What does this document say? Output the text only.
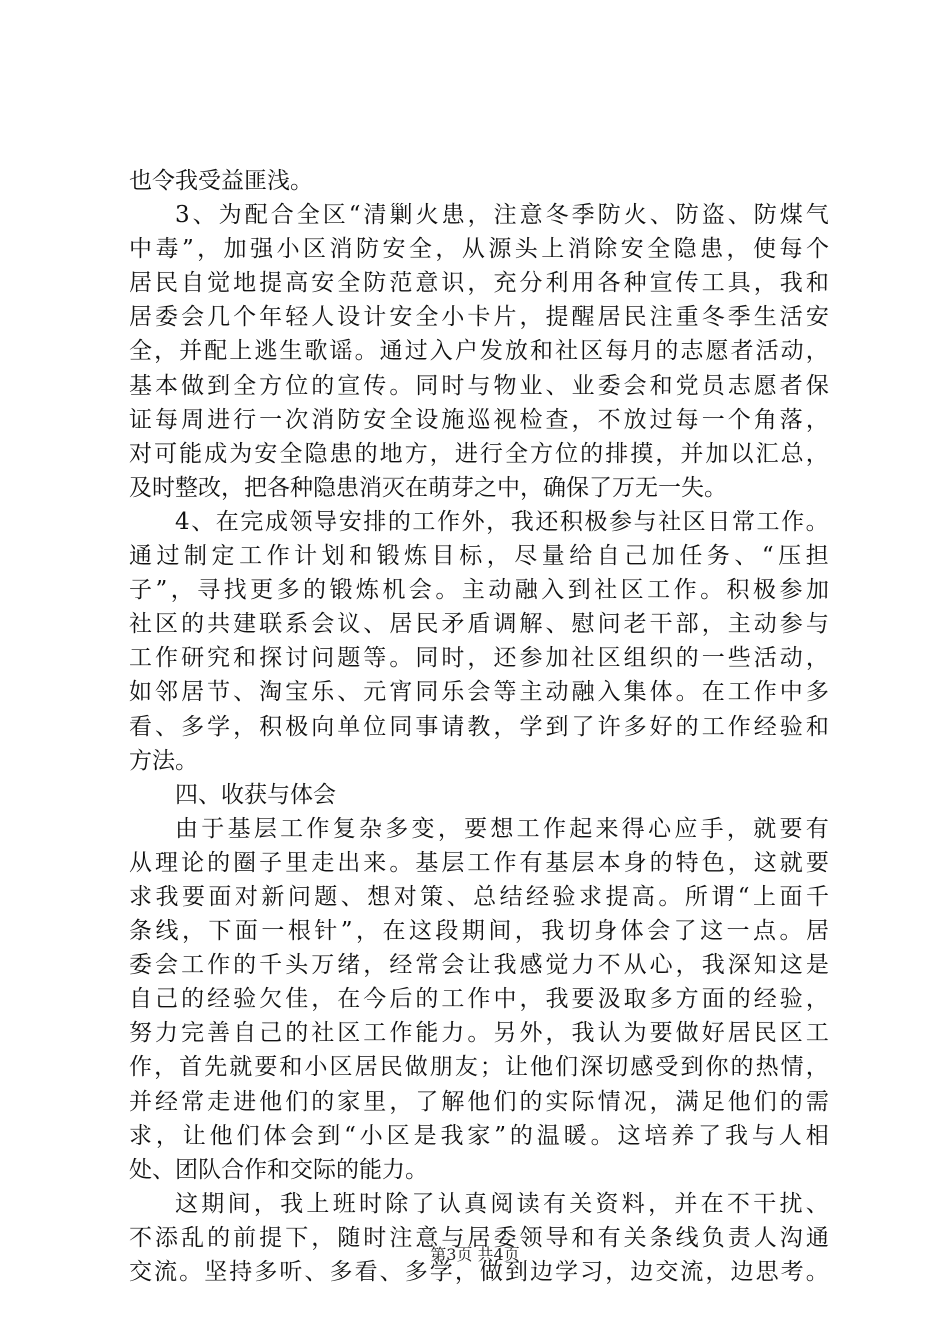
也令我受益匪浅。
3 、 为 配 合 全 区 “ 清 剿 火 患 ， 注 意 冬 季 防 火 、 防 盗 、 防 煤 气
中 毒 ” ， 加 强 小 区 消 防 安 全 ， 从 源 头 上 消 除 安 全 隐 患 ， 使 每 个
居 民 自 觉 地 提 高 安 全 防 范 意 识 ， 充 分 利 用 各 种 宣 传 工 具 ， 我 和
居 委 会 几 个 年 轻 人 设 计 安 全 小 卡 片 ， 提 醒 居 民 注 重 冬 季 生 活 安
全 ， 并 配 上 逃 生 歌 谣 。 通 过 入 户 发 放 和 社 区 每 月 的 志 愿 者 活 动 ，
基 本 做 到 全 方 位 的 宣 传 。 同 时 与 物 业 、 业 委 会 和 党 员 志 愿 者 保
证 每 周 进 行 一 次 消 防 安 全 设 施 巡 视 检 查 ， 不 放 过 每 一 个 角 落 ，
对 可 能 成 为 安 全 隐 患 的 地 方 ， 进 行 全 方 位 的 排 摸 ， 并 加 以 汇 总 ，
及时整改，把各种隐患消灭在萌芽之中，确保了万无一失。
4 、 在 完 成 领 导 安 排 的 工 作 外 ， 我 还 积 极 参 与 社 区 日 常 工 作 。
通 过 制 定 工 作 计 划 和 锻 炼 目 标 ， 尽 量 给 自 己 加 任 务 、 “ 压 担
子 ” ， 寻 找 更 多 的 锻 炼 机 会 。 主 动 融 入 到 社 区 工 作 。 积 极 参 加
社 区 的 共 建 联 系 会 议 、 居 民 矛 盾 调 解 、 慰 问 老 干 部 ， 主 动 参 与
工 作 研 究 和 探 讨 问 题 等 。 同 时 ， 还 参 加 社 区 组 织 的 一 些 活 动 ，
如 邻 居 节 、 淘 宝 乐 、 元 宵 同 乐 会 等 主 动 融 入 集 体 。 在 工 作 中 多
看 、 多 学 ， 积 极 向 单 位 同 事 请 教 ， 学 到 了 许 多 好 的 工 作 经 验 和
方法。
四、收获与体会
由 于 基 层 工 作 复 杂 多 变 ， 要 想 工 作 起 来 得 心 应 手 ， 就 要 有
从 理 论 的 圈 子 里 走 出 来 。 基 层 工 作 有 基 层 本 身 的 特 色 ， 这 就 要
求 我 要 面 对 新 问 题 、 想 对 策 、 总 结 经 验 求 提 高 。 所 谓 “ 上 面 千
条 线 ， 下 面 一 根 针 ” ， 在 这 段 期 间 ， 我 切 身 体 会 了 这 一 点 。 居
委 会 工 作 的 千 头 万 绪 ， 经 常 会 让 我 感 觉 力 不 从 心 ， 我 深 知 这 是
自 己 的 经 验 欠 佳 ， 在 今 后 的 工 作 中 ， 我 要 汲 取 多 方 面 的 经 验 ，
努 力 完 善 自 己 的 社 区 工 作 能 力 。 另 外 ， 我 认 为 要 做 好 居 民 区 工
作 ， 首 先 就 要 和 小 区 居 民 做 朋 友 ； 让 他 们 深 切 感 受 到 你 的 热 情 ，
并 经 常 走 进 他 们 的 家 里 ， 了 解 他 们 的 实 际 情 况 ， 满 足 他 们 的 需
求 ， 让 他 们 体 会 到 “ 小 区 是 我 家 ” 的 温 暖 。 这 培 养 了 我 与 人 相
处、团队合作和交际的能力。
这 期 间 ， 我 上 班 时 除 了 认 真 阅 读 有 关 资 料 ， 并 在 不 干 扰 、
不 添 乱 的 前 提 下 ， 随 时 注 意 与 居 委 领 导 和 有 关 条 线 负 责 人 沟 通
交 流 。 坚 持 多 听 、 多 看 、 多 学 ， 做 到 边 学 习 ， 边 交 流 ， 边 思 考 。
第3页 共4页
